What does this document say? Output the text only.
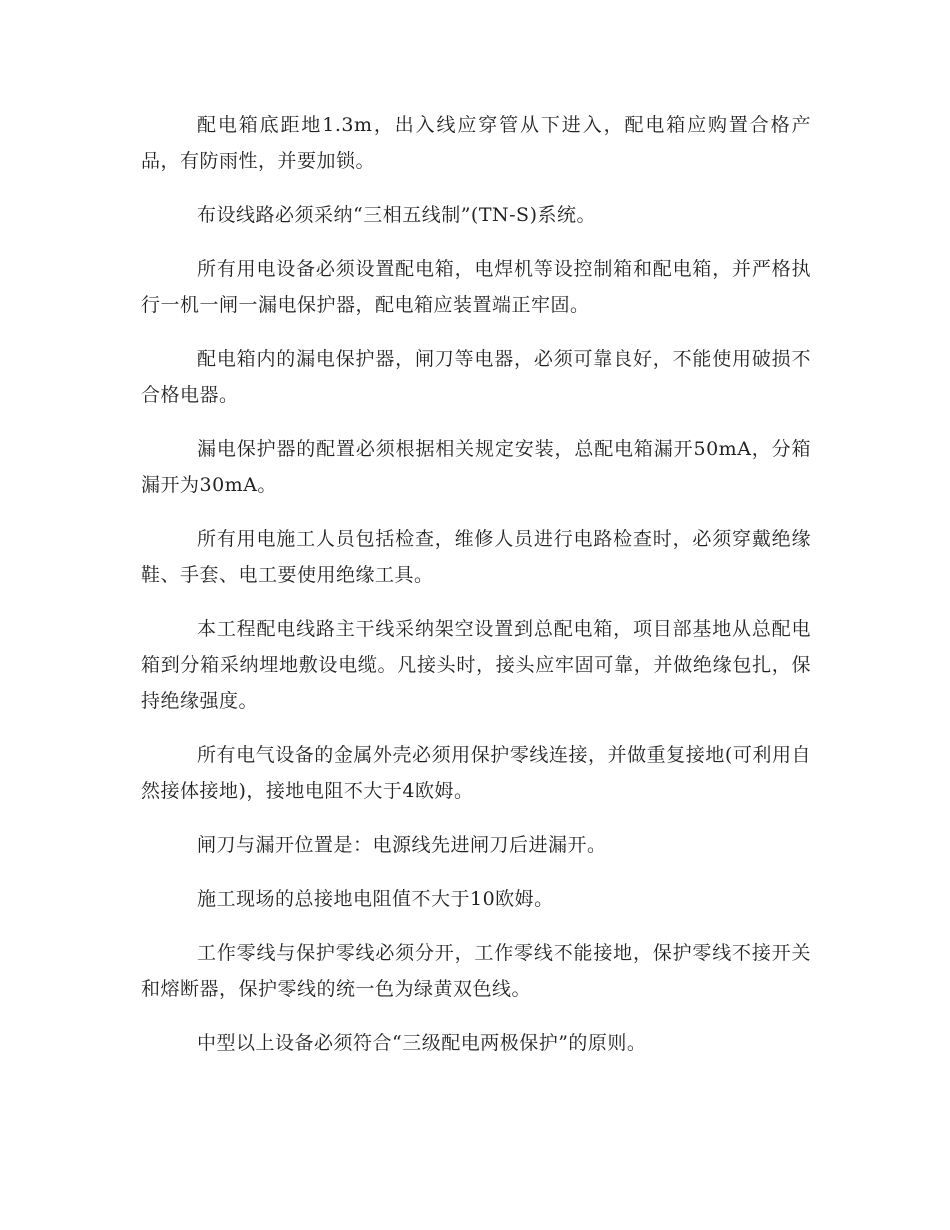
配电箱底距地1.3m，出入线应穿管从下进入，配电箱应购置合格产品，有防雨性，并要加锁。

布设线路必须采纳“三相五线制”(TN-S)系统。

所有用电设备必须设置配电箱，电焊机等设控制箱和配电箱，并严格执行一机一闸一漏电保护器，配电箱应装置端正牢固。

配电箱内的漏电保护器，闸刀等电器，必须可靠良好，不能使用破损不合格电器。

漏电保护器的配置必须根据相关规定安装，总配电箱漏开50mA，分箱漏开为30mA。

所有用电施工人员包括检查，维修人员进行电路检查时，必须穿戴绝缘鞋、手套、电工要使用绝缘工具。

本工程配电线路主干线采纳架空设置到总配电箱，项目部基地从总配电箱到分箱采纳埋地敷设电缆。凡接头时，接头应牢固可靠，并做绝缘包扎，保持绝缘强度。

所有电气设备的金属外壳必须用保护零线连接，并做重复接地(可利用自然接体接地)，接地电阻不大于4欧姆。

闸刀与漏开位置是：电源线先进闸刀后进漏开。

施工现场的总接地电阻值不大于10欧姆。

工作零线与保护零线必须分开，工作零线不能接地，保护零线不接开关和熔断器，保护零线的统一色为绿黄双色线。

中型以上设备必须符合“三级配电两极保护”的原则。
